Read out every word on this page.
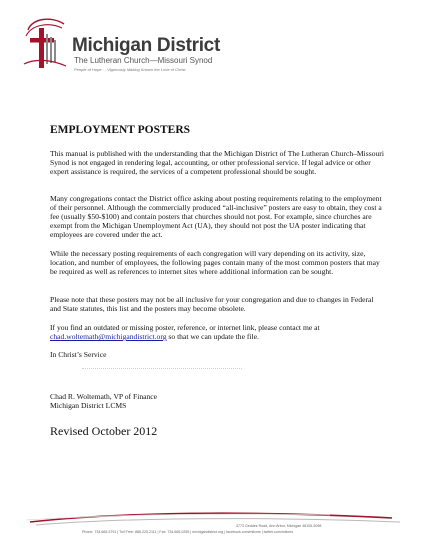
Michigan District
The Lutheran Church—Missouri Synod
People of Hope ... Vigorously Making Known the Love of Christ
EMPLOYMENT POSTERS

This manual is published with the understanding that the Michigan District of The Lutheran Church–Missouri Synod is not engaged in rendering legal, accounting, or other professional service. If legal advice or other expert assistance is required, the services of a competent professional should be sought.

Many congregations contact the District office asking about posting requirements relating to the employment of their personnel. Although the commercially produced “all-inclusive” posters are easy to obtain, they cost a fee (usually $50-$100) and contain posters that churches should not post. For example, since churches are exempt from the Michigan Unemployment Act (UA), they should not post the UA poster indicating that employees are covered under the act.

While the necessary posting requirements of each congregation will vary depending on its activity, size, location, and number of employees, the following pages contain many of the most common posters that may be required as well as references to internet sites where additional information can be sought.

Please note that these posters may not be all inclusive for your congregation and due to changes in Federal and State statutes, this list and the posters may become obsolete.

If you find an outdated or missing poster, reference, or internet link, please contact me at
chad.woltemath@michigandistrict.org so that we can update the file.

In Christ’s Service

Chad R. Woltemath, VP of Finance

Michigan District LCMS

Revised October 2012

3773 Geddes Road, Ann Arbor, Michigan 48105-3098
Phone: 734.665.3791 | Toll Free: 888.225.2111 | Fax: 734.665.0255 | michigandistrict.org | facebook.com/milcms | twitter.com/milcms
